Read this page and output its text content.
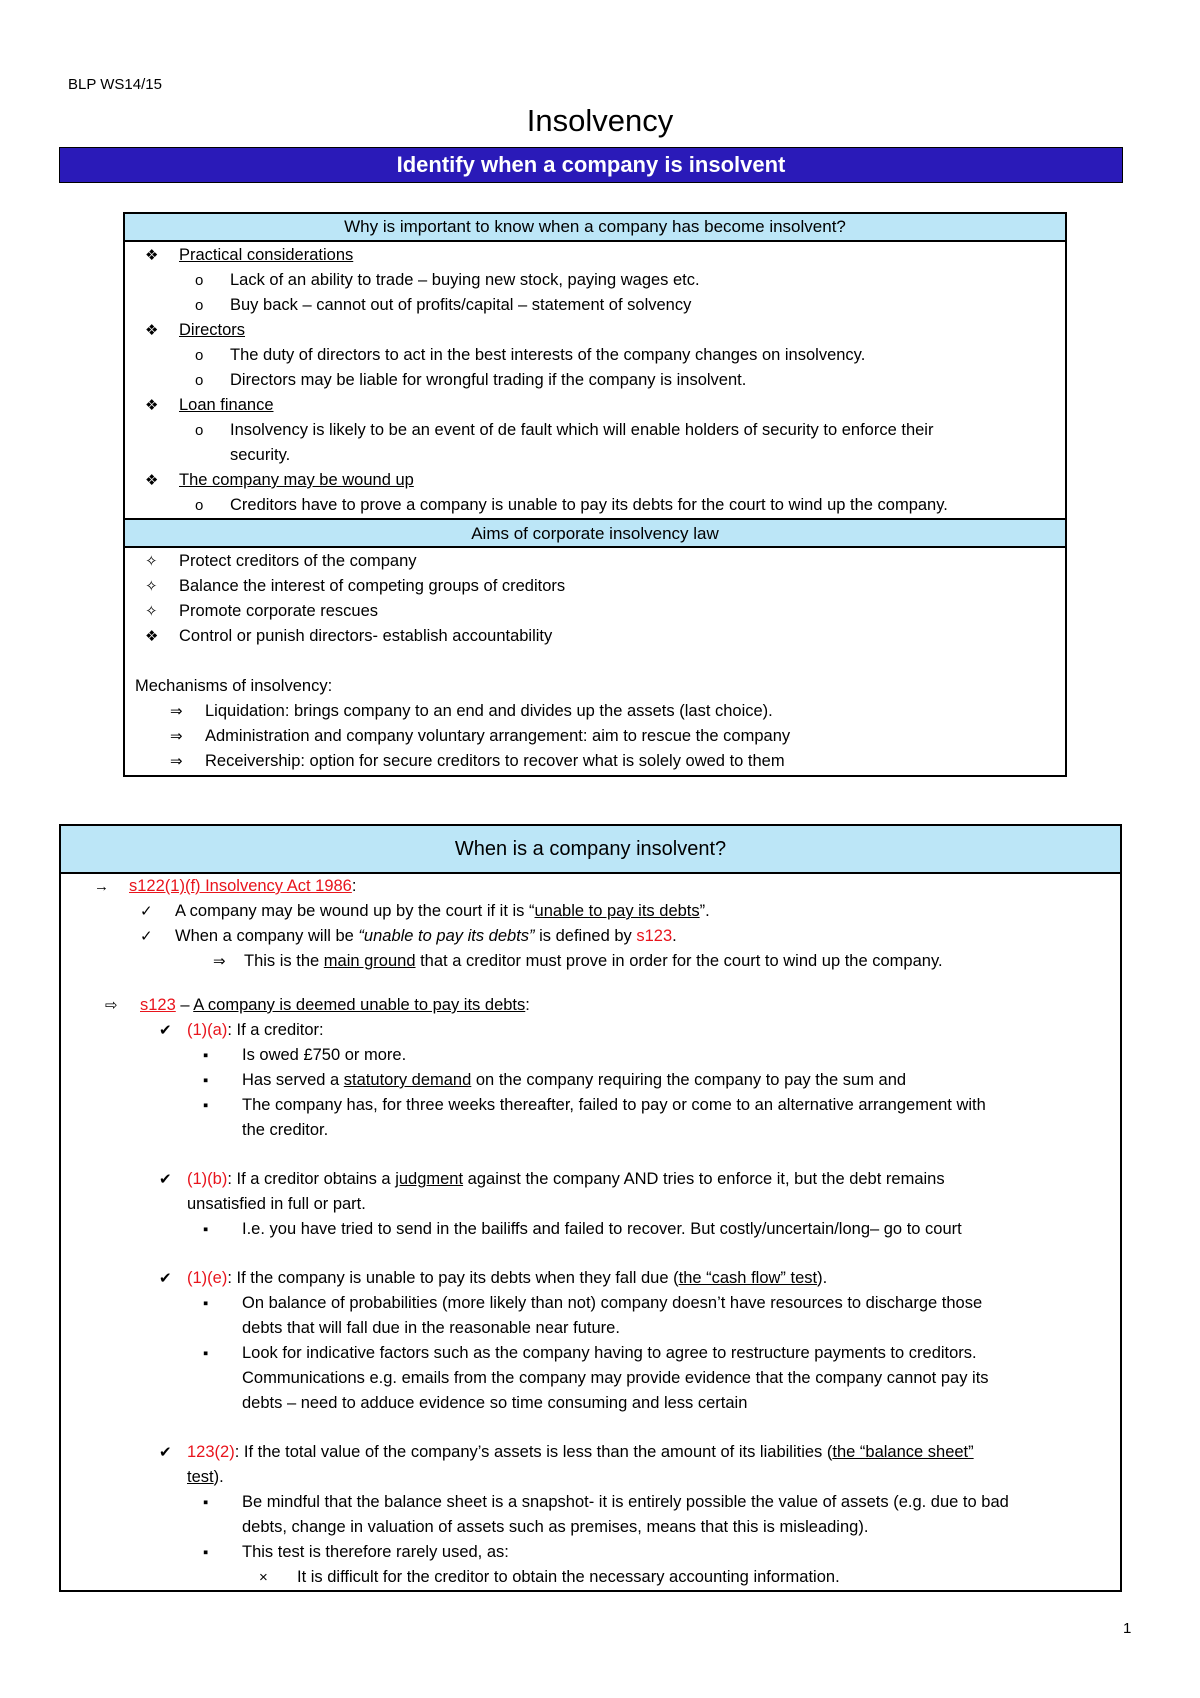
BLP WS14/15
Insolvency
Identify when a company is insolvent
Why is important to know when a company has become insolvent?
❖ Practical considerations
o Lack of an ability to trade – buying new stock, paying wages etc.
o Buy back – cannot out of profits/capital – statement of solvency
❖ Directors
o The duty of directors to act in the best interests of the company changes on insolvency.
o Directors may be liable for wrongful trading if the company is insolvent.
❖ Loan finance
o Insolvency is likely to be an event of de fault which will enable holders of security to enforce their
security.
❖ The company may be wound up
o Creditors have to prove a company is unable to pay its debts for the court to wind up the company.
Aims of corporate insolvency law
✧ Protect creditors of the company
✧ Balance the interest of competing groups of creditors
✧ Promote corporate rescues
❖ Control or punish directors- establish accountability
Mechanisms of insolvency:
⇒ Liquidation: brings company to an end and divides up the assets (last choice).
⇒ Administration and company voluntary arrangement: aim to rescue the company
⇒ Receivership: option for secure creditors to recover what is solely owed to them
When is a company insolvent?
→ s122(1)(f) Insolvency Act 1986:
✓ A company may be wound up by the court if it is “unable to pay its debts”.
✓ When a company will be “unable to pay its debts” is defined by s123.
⇒ This is the main ground that a creditor must prove in order for the court to wind up the company.
⇨ s123 – A company is deemed unable to pay its debts:
✔ (1)(a): If a creditor:
▪ Is owed £750 or more.
▪ Has served a statutory demand on the company requiring the company to pay the sum and
▪ The company has, for three weeks thereafter, failed to pay or come to an alternative arrangement with
the creditor.
✔ (1)(b): If a creditor obtains a judgment against the company AND tries to enforce it, but the debt remains
unsatisfied in full or part.
▪ I.e. you have tried to send in the bailiffs and failed to recover. But costly/uncertain/long– go to court
✔ (1)(e): If the company is unable to pay its debts when they fall due (the “cash flow” test).
▪ On balance of probabilities (more likely than not) company doesn’t have resources to discharge those
debts that will fall due in the reasonable near future.
▪ Look for indicative factors such as the company having to agree to restructure payments to creditors.
Communications e.g. emails from the company may provide evidence that the company cannot pay its
debts – need to adduce evidence so time consuming and less certain
✔ 123(2): If the total value of the company’s assets is less than the amount of its liabilities (the “balance sheet”
test).
▪ Be mindful that the balance sheet is a snapshot- it is entirely possible the value of assets (e.g. due to bad
debts, change in valuation of assets such as premises, means that this is misleading).
▪ This test is therefore rarely used, as:
× It is difficult for the creditor to obtain the necessary accounting information.
1
